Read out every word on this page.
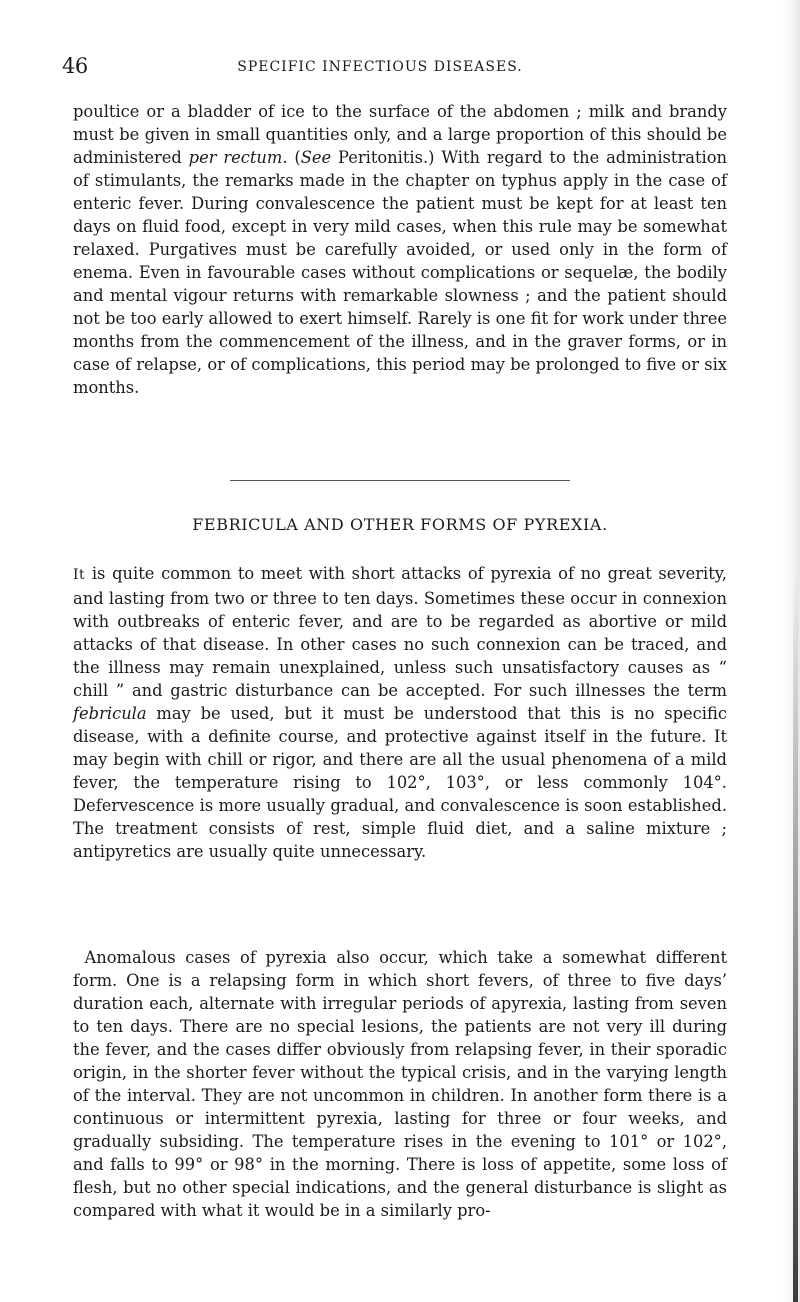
46	SPECIFIC INFECTIOUS DISEASES.

poultice or a bladder of ice to the surface of the abdomen ; milk and brandy must be given in small quantities only, and a large proportion of this should be administered per rectum. (See Peritonitis.) With regard to the administration of stimulants, the remarks made in the chapter on typhus apply in the case of enteric fever. During convalescence the patient must be kept for at least ten days on fluid food, except in very mild cases, when this rule may be somewhat relaxed. Purgatives must be carefully avoided, or used only in the form of enema. Even in favourable cases without complications or sequelæ, the bodily and mental vigour returns with remarkable slowness ; and the patient should not be too early allowed to exert himself. Rarely is one fit for work under three months from the commencement of the illness, and in the graver forms, or in case of relapse, or of complications, this period may be prolonged to five or six months.

FEBRICULA AND OTHER FORMS OF PYREXIA.

It is quite common to meet with short attacks of pyrexia of no great severity, and lasting from two or three to ten days. Sometimes these occur in connexion with outbreaks of enteric fever, and are to be regarded as abortive or mild attacks of that disease. In other cases no such connexion can be traced, and the illness may remain unexplained, unless such unsatisfactory causes as “ chill ” and gastric disturbance can be accepted. For such illnesses the term febricula may be used, but it must be understood that this is no specific disease, with a definite course, and protective against itself in the future. It may begin with chill or rigor, and there are all the usual phenomena of a mild fever, the temperature rising to 102°, 103°, or less commonly 104°. Defervescence is more usually gradual, and convalescence is soon established. The treatment consists of rest, simple fluid diet, and a saline mixture ; antipyretics are usually quite unnecessary.

Anomalous cases of pyrexia also occur, which take a somewhat different form. One is a relapsing form in which short fevers, of three to five days’ duration each, alternate with irregular periods of apyrexia, lasting from seven to ten days. There are no special lesions, the patients are not very ill during the fever, and the cases differ obviously from relapsing fever, in their sporadic origin, in the shorter fever without the typical crisis, and in the varying length of the interval. They are not uncommon in children. In another form there is a continuous or intermittent pyrexia, lasting for three or four weeks, and gradually subsiding. The temperature rises in the evening to 101° or 102°, and falls to 99° or 98° in the morning. There is loss of appetite, some loss of flesh, but no other special indications, and the general disturbance is slight as compared with what it would be in a similarly pro-
